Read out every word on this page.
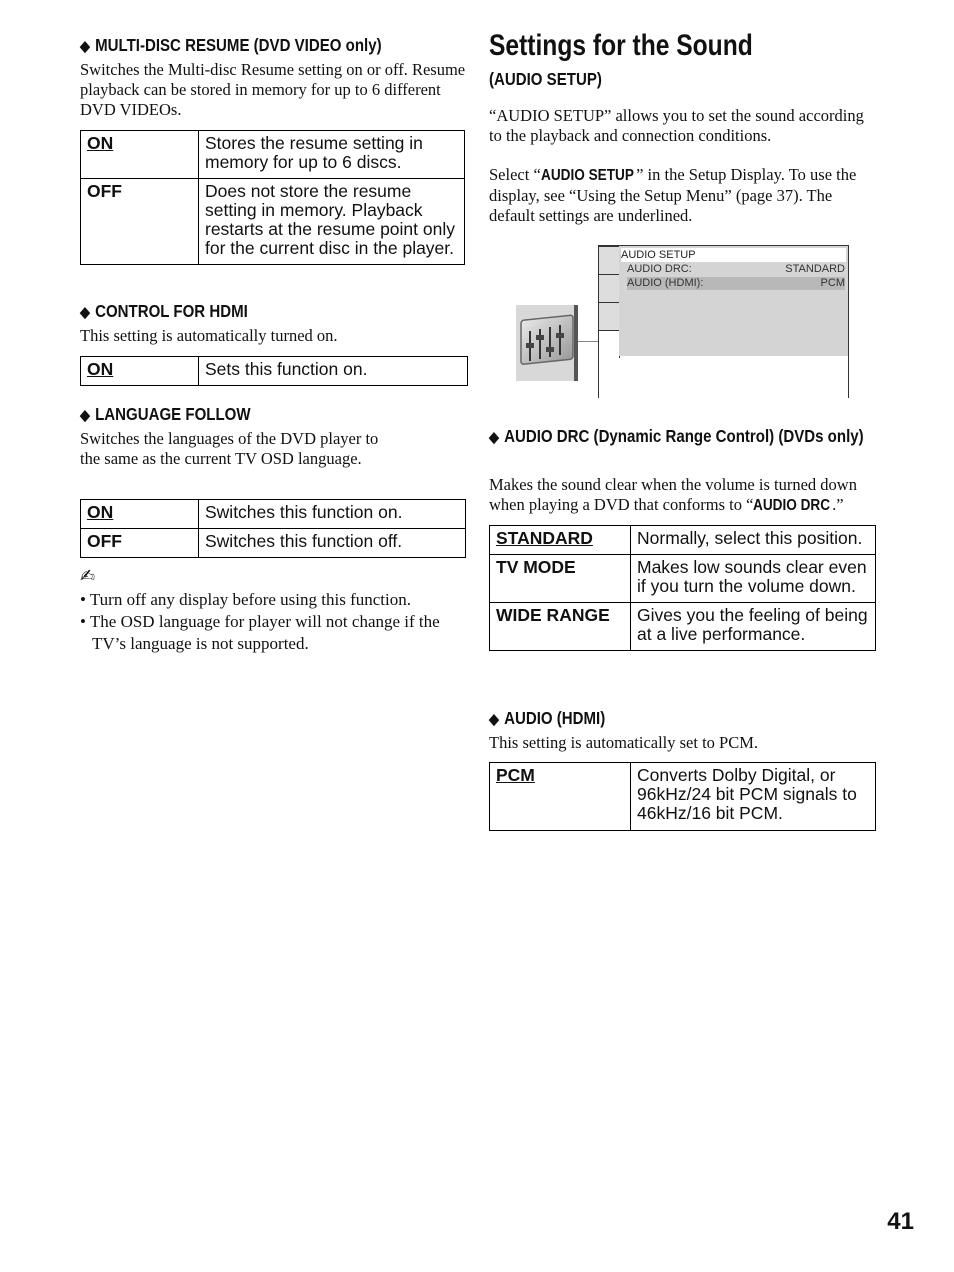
◆ MULTI-DISC RESUME (DVD VIDEO only)

Switches the Multi-disc Resume setting on or off. Resume playback can be stored in memory for up to 6 different DVD VIDEOs.

ON	Stores the resume setting in memory for up to 6 discs.
OFF	Does not store the resume setting in memory. Playback restarts at the resume point only for the current disc in the player.

◆ CONTROL FOR HDMI

This setting is automatically turned on.

ON	Sets this function on.

◆ LANGUAGE FOLLOW

Switches the languages of the DVD player to the same as the current TV OSD language.

ON	Switches this function on.
OFF	Switches this function off.
✍

• Turn off any display before using this function.

• The OSD language for player will not change if the TV’s language is not supported.

Settings for the Sound

(AUDIO SETUP)

“AUDIO SETUP” allows you to set the sound according to the playback and connection conditions.

Select “AUDIO SETUP ” in the Setup Display. To use the display, see “Using the Setup Menu” (page 37). The default settings are underlined.

AUDIO SETUP
AUDIO DRC:	STANDARD
AUDIO (HDMI):	PCM

◆ AUDIO DRC (Dynamic Range Control) (DVDs only)

Makes the sound clear when the volume is turned down when playing a DVD that conforms to “AUDIO DRC.”

STANDARD	Normally, select this position.
TV MODE	Makes low sounds clear even if you turn the volume down.
WIDE RANGE	Gives you the feeling of being at a live performance.

◆ AUDIO (HDMI)

This setting is automatically set to PCM.

PCM	Converts Dolby Digital, or 96kHz/24 bit PCM signals to 46kHz/16 bit PCM.
41
